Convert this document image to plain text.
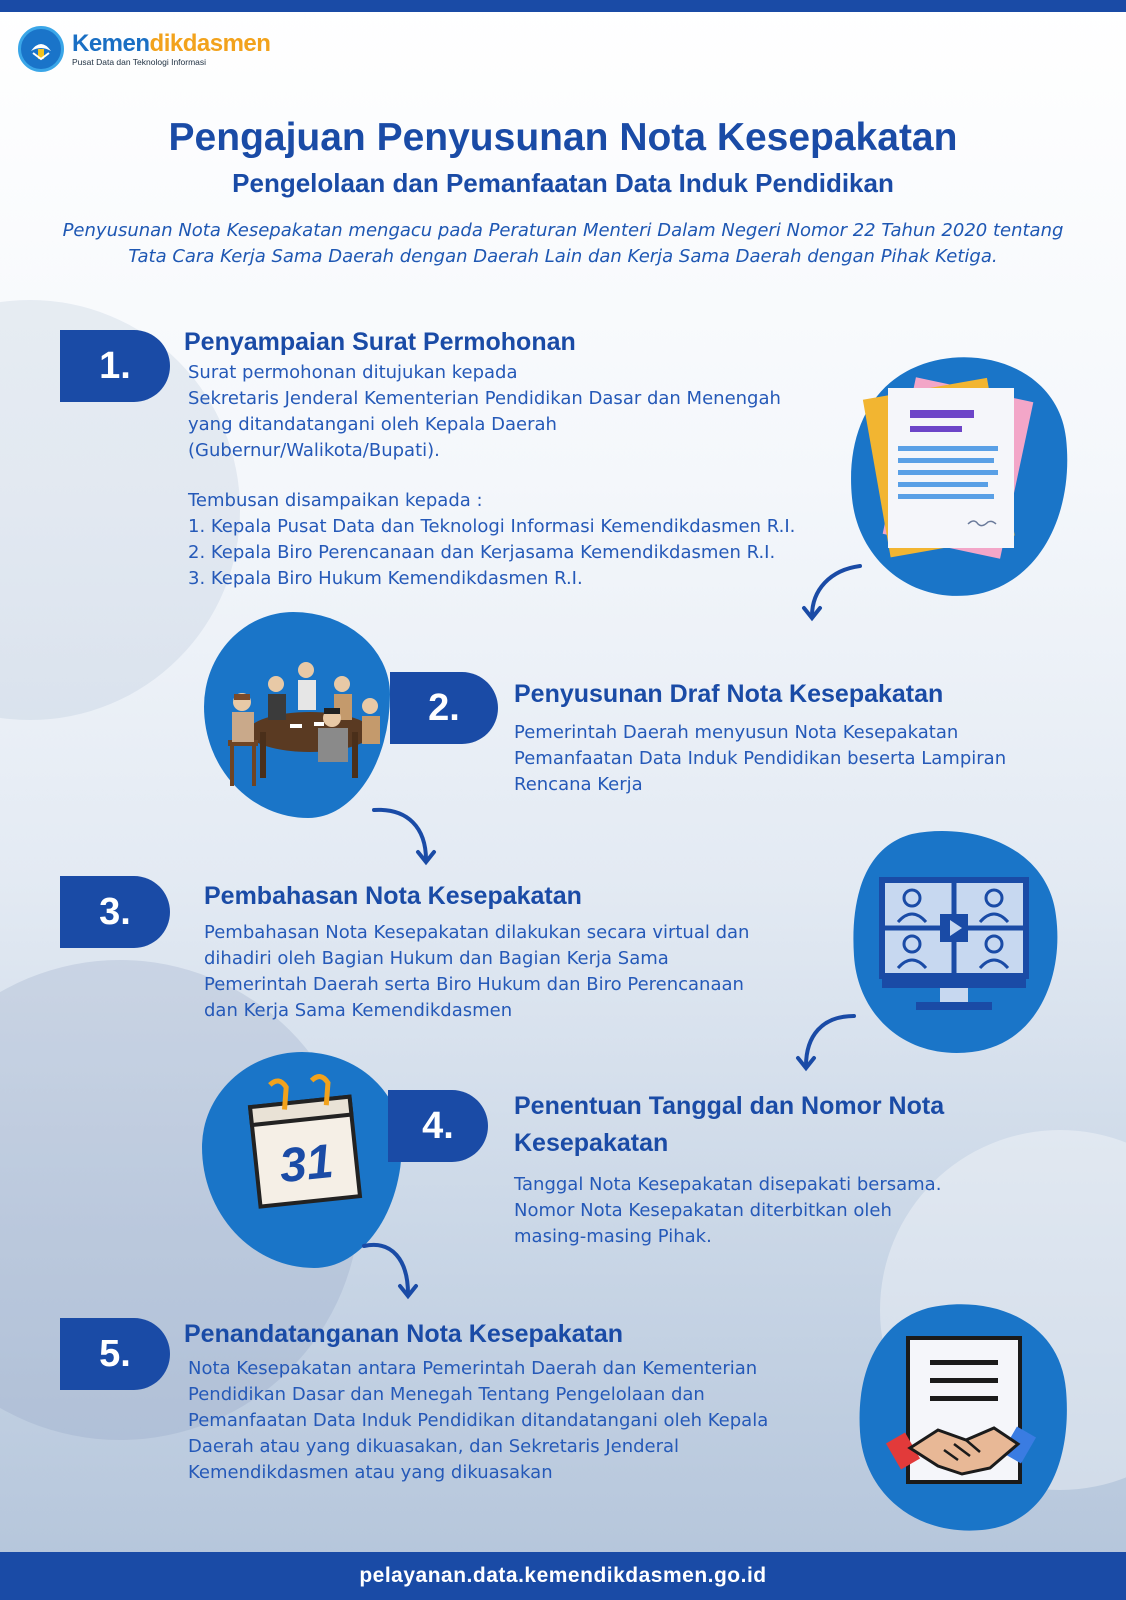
Kemendikdasmen
Pusat Data dan Teknologi Informasi
Pengajuan Penyusunan Nota Kesepakatan
Pengelolaan dan Pemanfaatan Data Induk Pendidikan
Penyusunan Nota Kesepakatan mengacu pada Peraturan Menteri Dalam Negeri Nomor 22 Tahun 2020 tentang
Tata Cara Kerja Sama Daerah dengan Daerah Lain dan Kerja Sama Daerah dengan Pihak Ketiga.
1.
Penyampaian Surat Permohonan
Surat permohonan ditujukan kepada
Sekretaris Jenderal Kementerian Pendidikan Dasar dan Menengah
yang ditandatangani oleh Kepala Daerah
(Gubernur/Walikota/Bupati).
Tembusan disampaikan kepada :
1. Kepala Pusat Data dan Teknologi Informasi Kemendikdasmen R.I.
2. Kepala Biro Perencanaan dan Kerjasama Kemendikdasmen R.I.
3. Kepala Biro Hukum Kemendikdasmen R.I.
2.	Penyusunan Draf Nota Kesepakatan
Pemerintah Daerah menyusun Nota Kesepakatan
Pemanfaatan Data Induk Pendidikan beserta Lampiran
Rencana Kerja
3.	Pembahasan Nota Kesepakatan
Pembahasan Nota Kesepakatan dilakukan secara virtual dan
dihadiri oleh Bagian Hukum dan Bagian Kerja Sama
Pemerintah Daerah serta Biro Hukum dan Biro Perencanaan
dan Kerja Sama Kemendikdasmen
4.
31
Penentuan Tanggal dan Nomor Nota
Kesepakatan
Tanggal Nota Kesepakatan disepakati bersama.
Nomor Nota Kesepakatan diterbitkan oleh
masing-masing Pihak.
5.	Penandatanganan Nota Kesepakatan
Nota Kesepakatan antara Pemerintah Daerah dan Kementerian
Pendidikan Dasar dan Menegah Tentang Pengelolaan dan
Pemanfaatan Data Induk Pendidikan ditandatangani oleh Kepala
Daerah atau yang dikuasakan, dan Sekretaris Jenderal
Kemendikdasmen atau yang dikuasakan
pelayanan.data.kemendikdasmen.go.id
